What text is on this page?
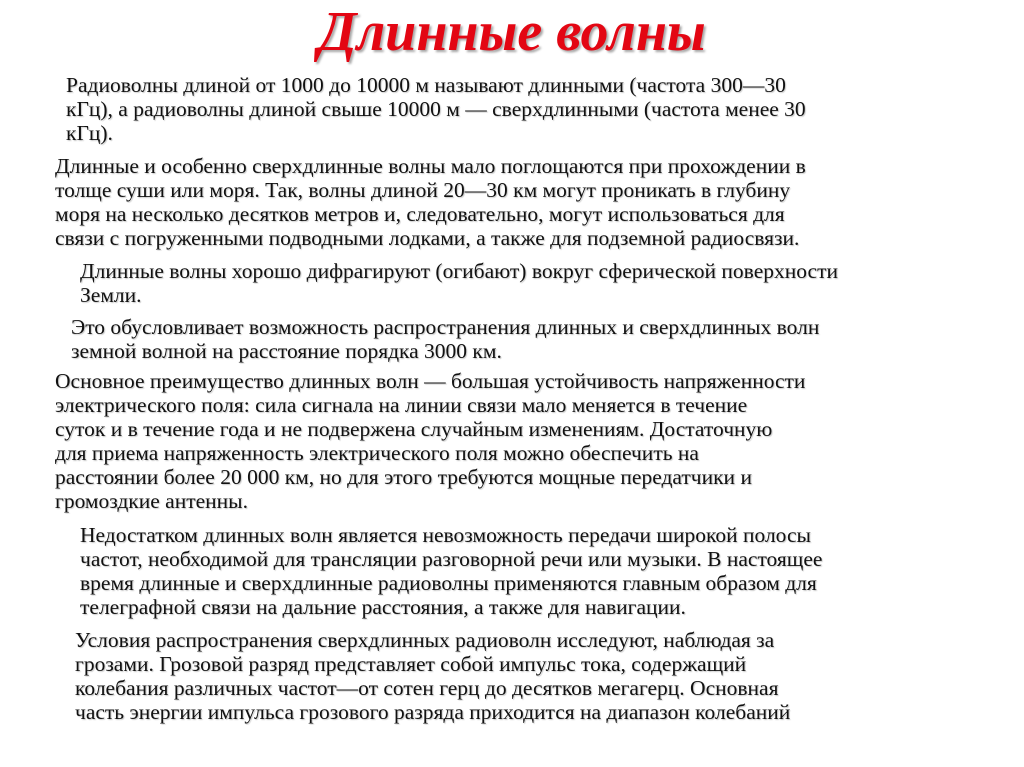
Длинные волны

Радиоволны длиной от 1000 до 10000 м называют длинными (частота 300—30
кГц), а радиоволны длиной свыше 10000 м — сверхдлинными (частота менее 30
кГц).

Длинные и особенно сверхдлинные волны мало поглощаются при прохождении в
толще суши или моря. Так, волны длиной 20—30 км могут проникать в глубину
моря на несколько десятков метров и, следовательно, могут использоваться для
связи с погруженными подводными лодками, а также для подземной радиосвязи.

Длинные волны хорошо дифрагируют (огибают) вокруг сферической поверхности
Земли.

Это обусловливает возможность распространения длинных и сверхдлинных волн
земной волной на расстояние порядка 3000 км.

Основное преимущество длинных волн — большая устойчивость напряженности
электрического поля: сила сигнала на линии связи мало меняется в течение
суток и в течение года и не подвержена случайным изменениям. Достаточную
для приема напряженность электрического поля можно обеспечить на
расстоянии более 20 000 км, но для этого требуются мощные передатчики и
громоздкие антенны.

Недостатком длинных волн является невозможность передачи широкой полосы
частот, необходимой для трансляции разговорной речи или музыки. В настоящее
время длинные и сверхдлинные радиоволны применяются главным образом для
телеграфной связи на дальние расстояния, а также для навигации.

Условия распространения сверхдлинных радиоволн исследуют, наблюдая за
грозами. Грозовой разряд представляет собой импульс тока, содержащий
колебания различных частот—от сотен герц до десятков мегагерц. Основная
часть энергии импульса грозового разряда приходится на диапазон колебаний
